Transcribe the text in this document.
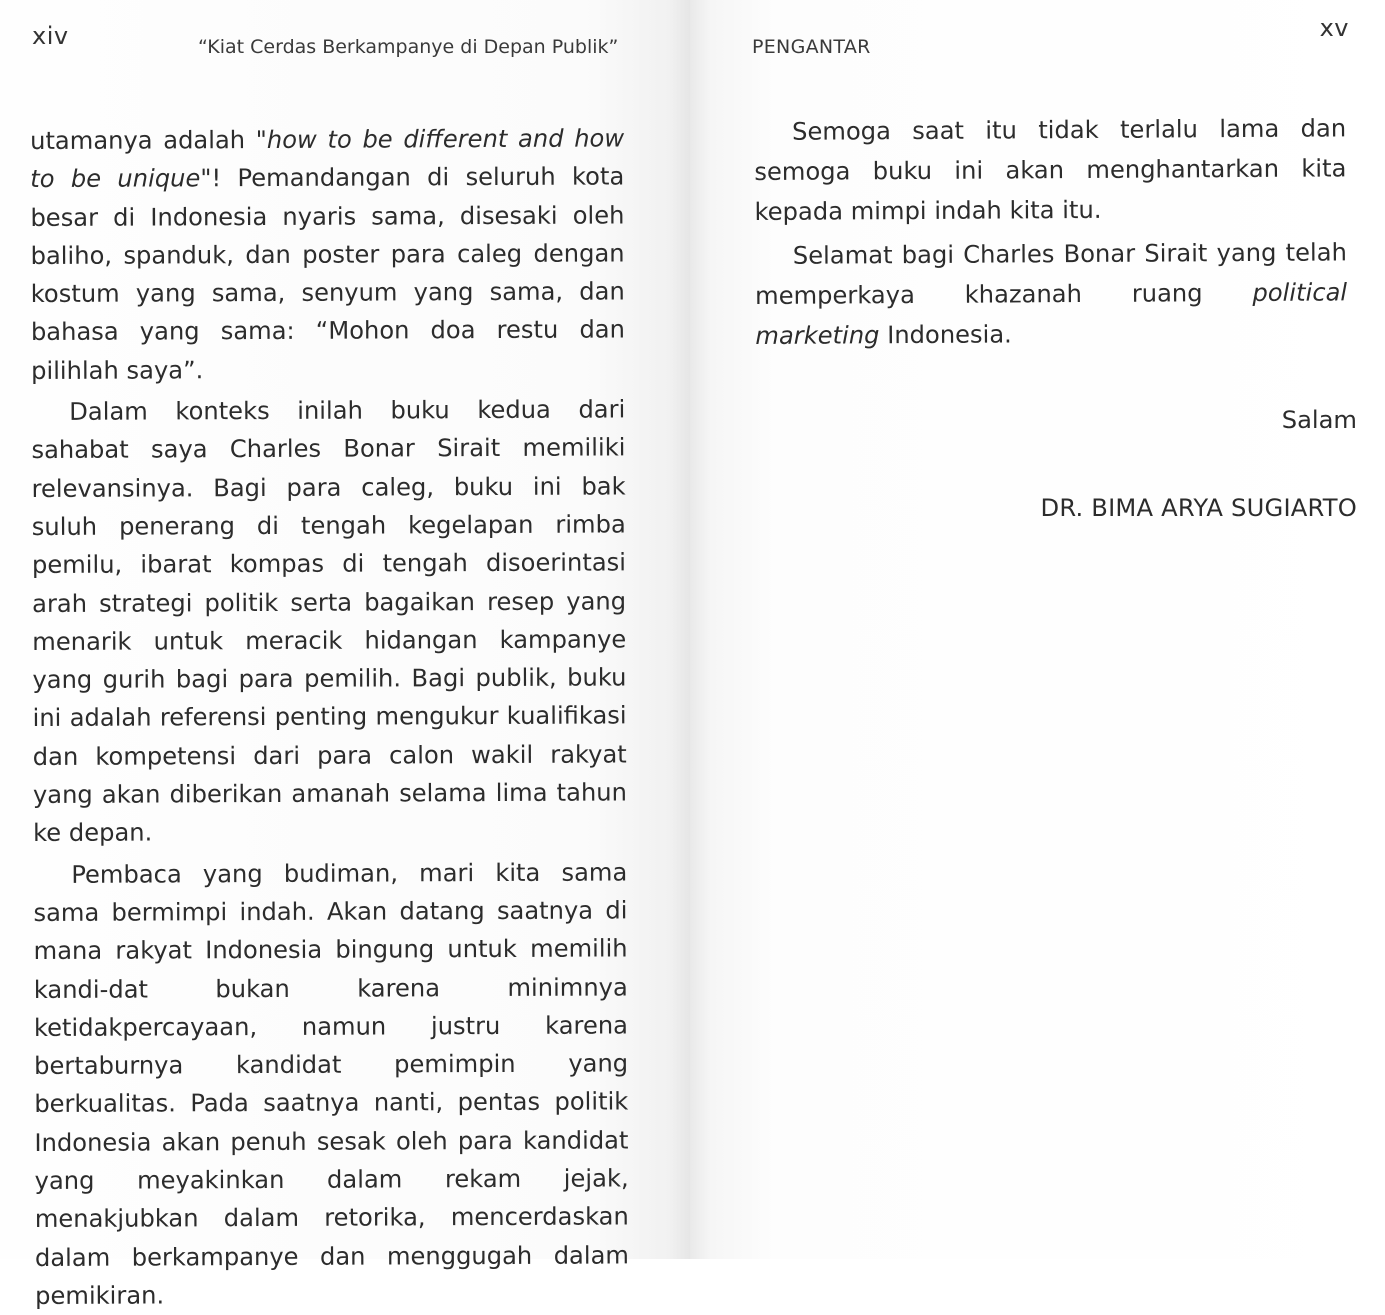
xiv	“Kiat Cerdas Berkampanye di Depan Publik”

utamanya adalah "how to be different and how to be unique"! Pemandangan di seluruh kota besar di Indonesia nyaris sama, disesaki oleh baliho, spanduk, dan poster para caleg dengan kostum yang sama, senyum yang sama, dan bahasa yang sama: “Mohon doa restu dan pilihlah saya”.

Dalam konteks inilah buku kedua dari sahabat saya Charles Bonar Sirait memiliki relevansinya. Bagi para caleg, buku ini bak suluh penerang di tengah kegelapan rimba pemilu, ibarat kompas di tengah disoerintasi arah strategi politik serta bagaikan resep yang menarik untuk meracik hidangan kampanye yang gurih bagi para pemilih. Bagi publik, buku ini adalah referensi penting mengukur kualifikasi dan kompetensi dari para calon wakil rakyat yang akan diberikan amanah selama lima tahun ke depan.

Pembaca yang budiman, mari kita sama sama bermimpi indah. Akan datang saatnya di mana rakyat Indonesia bingung untuk memilih kandi-dat bukan karena minimnya ketidakpercayaan, namun justru karena bertaburnya kandidat pemimpin yang berkualitas. Pada saatnya nanti, pentas politik Indonesia akan penuh sesak oleh para kandidat yang meyakinkan dalam rekam jejak, menakjubkan dalam retorika, mencerdaskan dalam berkampanye dan menggugah dalam pemikiran.

xv
PENGANTAR

Semoga saat itu tidak terlalu lama dan semoga buku ini akan menghantarkan kita kepada mimpi indah kita itu.

Selamat bagi Charles Bonar Sirait yang telah memperkaya khazanah ruang political marketing Indonesia.

Salam
DR. BIMA ARYA SUGIARTO
